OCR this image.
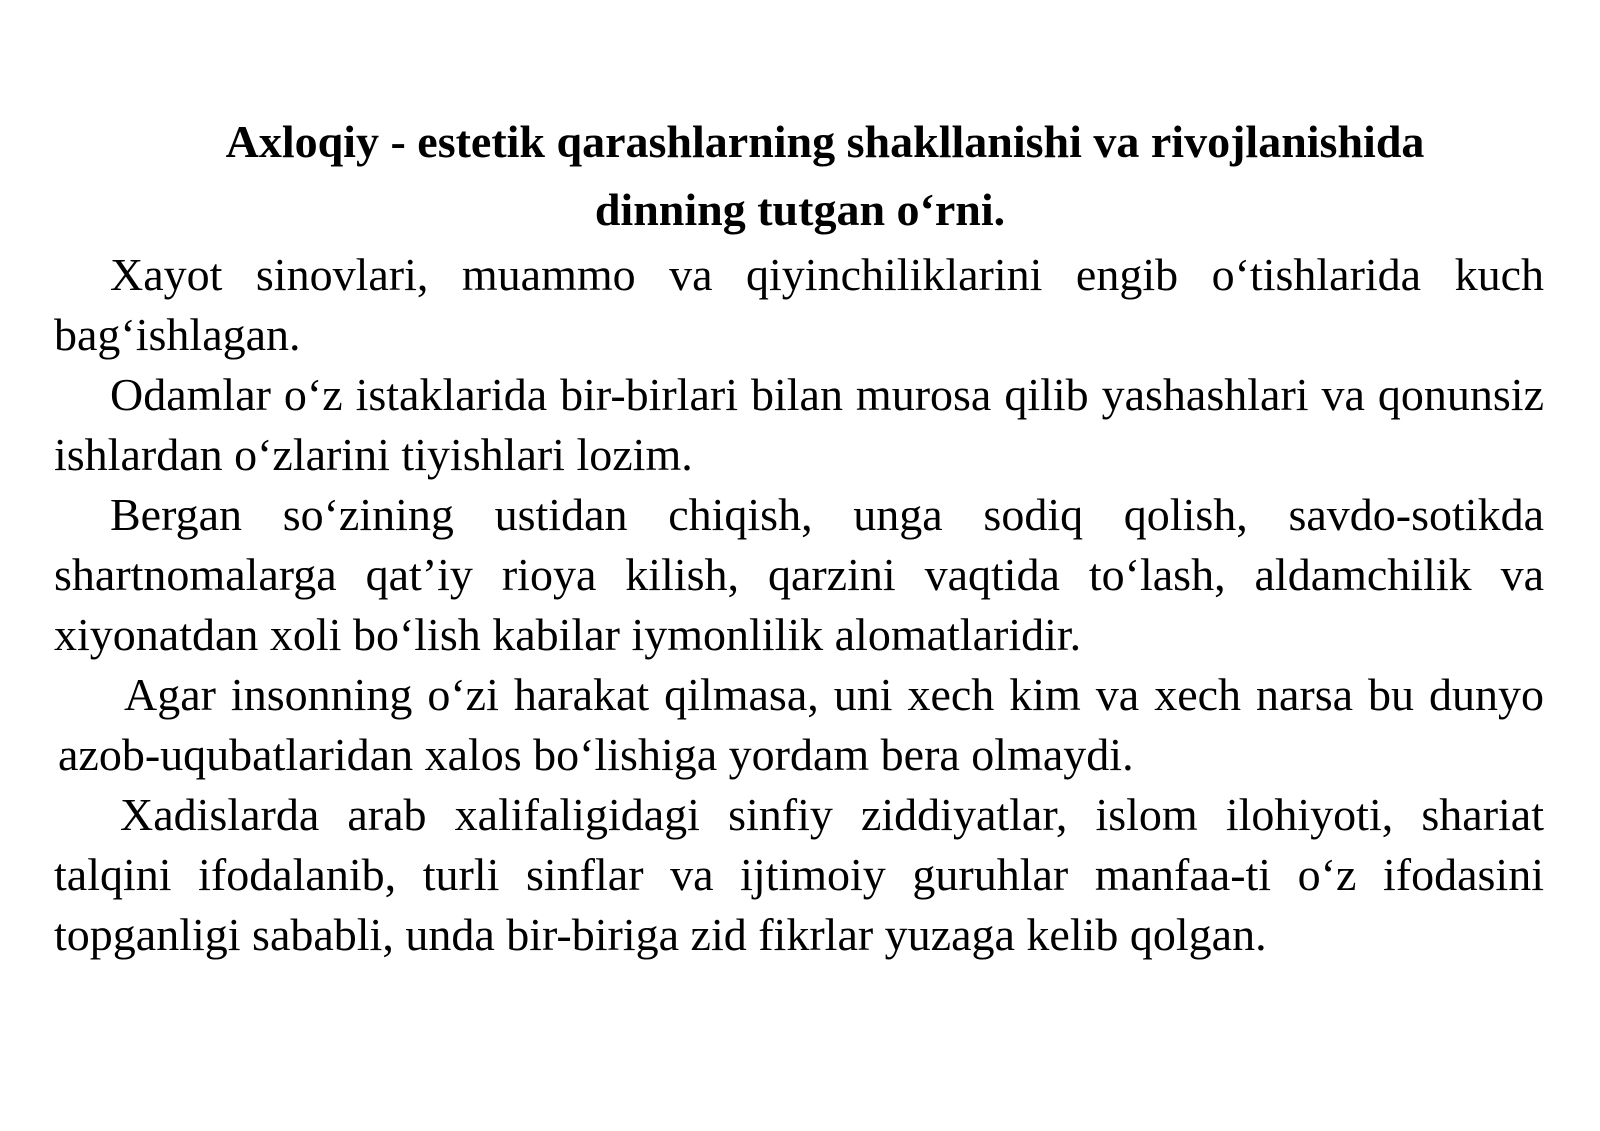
Axloqiy - estetik qarashlarning shakllanishi va rivojlanishida
dinning tutgan o‘rni.

Xayot sinovlari, muammo va qiyinchiliklarini engib o‘tishlarida kuch bag‘ishlagan.

Odamlar o‘z istaklarida bir-birlari bilan murosa qilib yashashlari va qonunsiz ishlardan o‘zlarini tiyishlari lozim.

Bergan so‘zining ustidan chiqish, unga sodiq qolish, savdo-sotikda shartnomalarga qat’iy rioya kilish, qarzini vaqtida to‘lash, aldamchilik va xiyonatdan xoli bo‘lish kabilar iymonlilik alomatlaridir.

Agar insonning o‘zi harakat qilmasa, uni xech kim va xech narsa bu dunyo azob-uqubatlaridan xalos bo‘lishiga yordam bera olmaydi.

Xadislarda arab xalifaligidagi sinfiy ziddiyatlar, islom ilohiyoti, shariat talqini ifodalanib, turli sinflar va ijtimoiy guruhlar manfaa-ti o‘z ifodasini topganligi sababli, unda bir-biriga zid fikrlar yuzaga kelib qolgan.
